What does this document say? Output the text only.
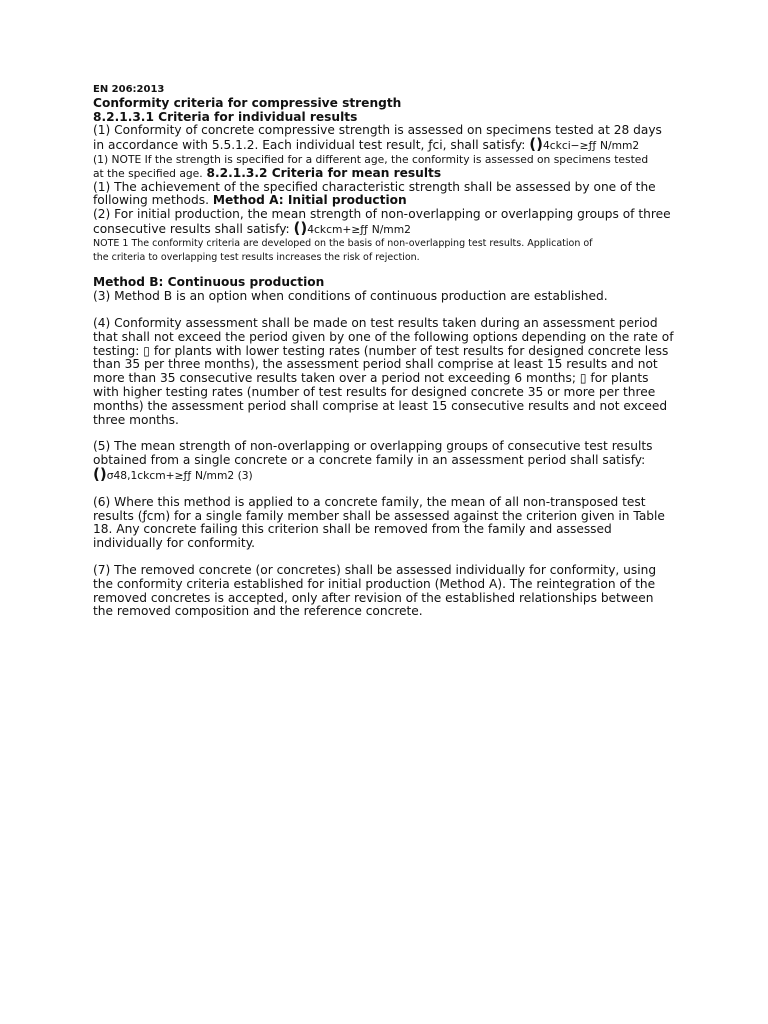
EN 206:2013
Conformity criteria for compressive strength
8.2.1.3.1 Criteria for individual results
(1) Conformity of concrete compressive strength is assessed on specimens tested at 28 days
in accordance with 5.5.1.2. Each individual test result, ƒci, shall satisfy: ()4ckci−≥ƒƒ N/mm2
(1) NOTE If the strength is specified for a different age, the conformity is assessed on specimens tested
at the specified age. 8.2.1.3.2 Criteria for mean results
(1) The achievement of the specified characteristic strength shall be assessed by one of the
following methods. Method A: Initial production
(2) For initial production, the mean strength of non-overlapping or overlapping groups of three
consecutive results shall satisfy: ()4ckcm+≥ƒƒ N/mm2
NOTE 1 The conformity criteria are developed on the basis of non-overlapping test results. Application of
the criteria to overlapping test results increases the risk of rejection.
Method B: Continuous production
(3) Method B is an option when conditions of continuous production are established.
(4) Conformity assessment shall be made on test results taken during an assessment period
that shall not exceed the period given by one of the following options depending on the rate of
testing: ▯ for plants with lower testing rates (number of test results for designed concrete less
than 35 per three months), the assessment period shall comprise at least 15 results and not
more than 35 consecutive results taken over a period not exceeding 6 months; ▯ for plants
with higher testing rates (number of test results for designed concrete 35 or more per three
months) the assessment period shall comprise at least 15 consecutive results and not exceed
three months.
(5) The mean strength of non-overlapping or overlapping groups of consecutive test results
obtained from a single concrete or a concrete family in an assessment period shall satisfy:
()σ48,1ckcm+≥ƒƒ N/mm2 (3)
(6) Where this method is applied to a concrete family, the mean of all non-transposed test
results (ƒcm) for a single family member shall be assessed against the criterion given in Table
18. Any concrete failing this criterion shall be removed from the family and assessed
individually for conformity.
(7) The removed concrete (or concretes) shall be assessed individually for conformity, using
the conformity criteria established for initial production (Method A). The reintegration of the
removed concretes is accepted, only after revision of the established relationships between
the removed composition and the reference concrete.
